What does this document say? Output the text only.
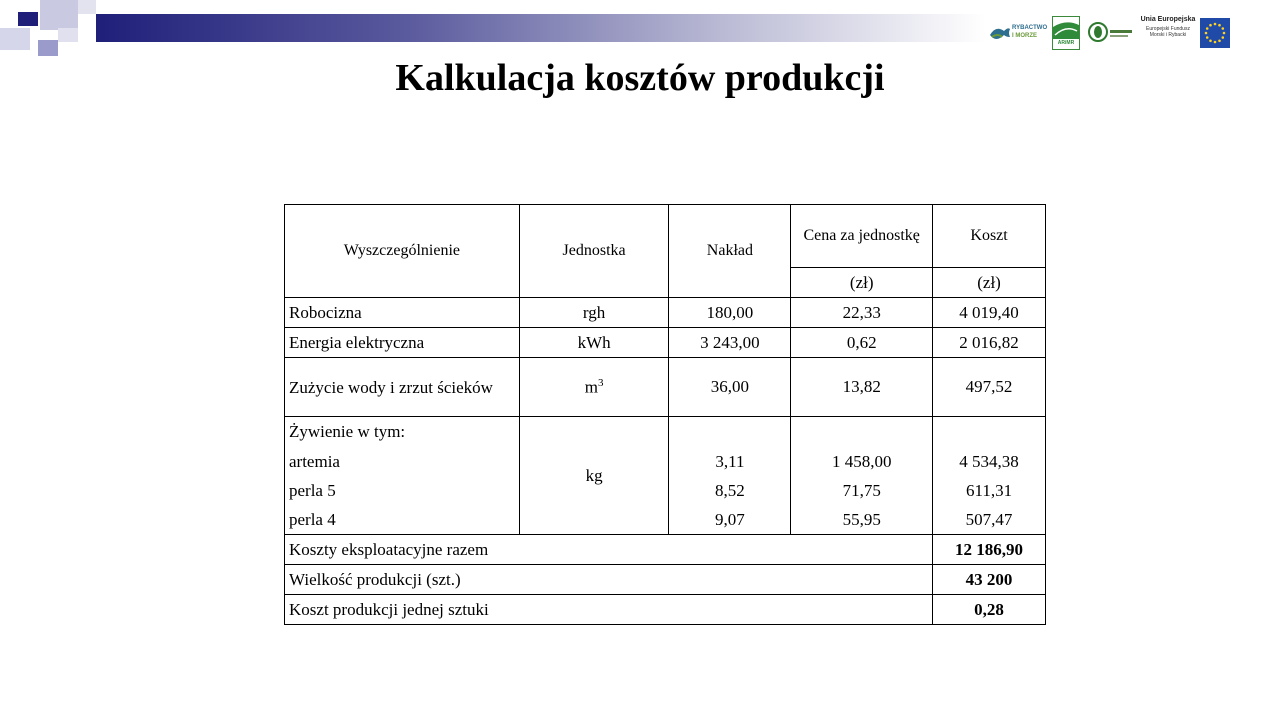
RYBACTWO
I MORZE
ARiMR
Unia Europejska
Europejski Fundusz
Morski i Rybacki
Kalkulacja kosztów produkcji
Wyszczególnienie	Jednostka	Nakład	Cena za jednostkę	Koszt
			(zł)	(zł)
Robocizna	rgh	180,00	22,33	4 019,40
Energia elektryczna	kWh	3 243,00	0,62	2 016,82
Zużycie wody i zrzut ścieków	$m^3$	36,00	13,82	497,52
Żywienie w tym:	kg			
artemia		3,11	1 458,00	4 534,38
perla 5		8,52	71,75	611,31
perla 4		9,07	55,95	507,47
Koszty eksploatacyjne razem				12 186,90
Wielkość produkcji (szt.)				43 200
Koszt produkcji jednej sztuki				0,28
